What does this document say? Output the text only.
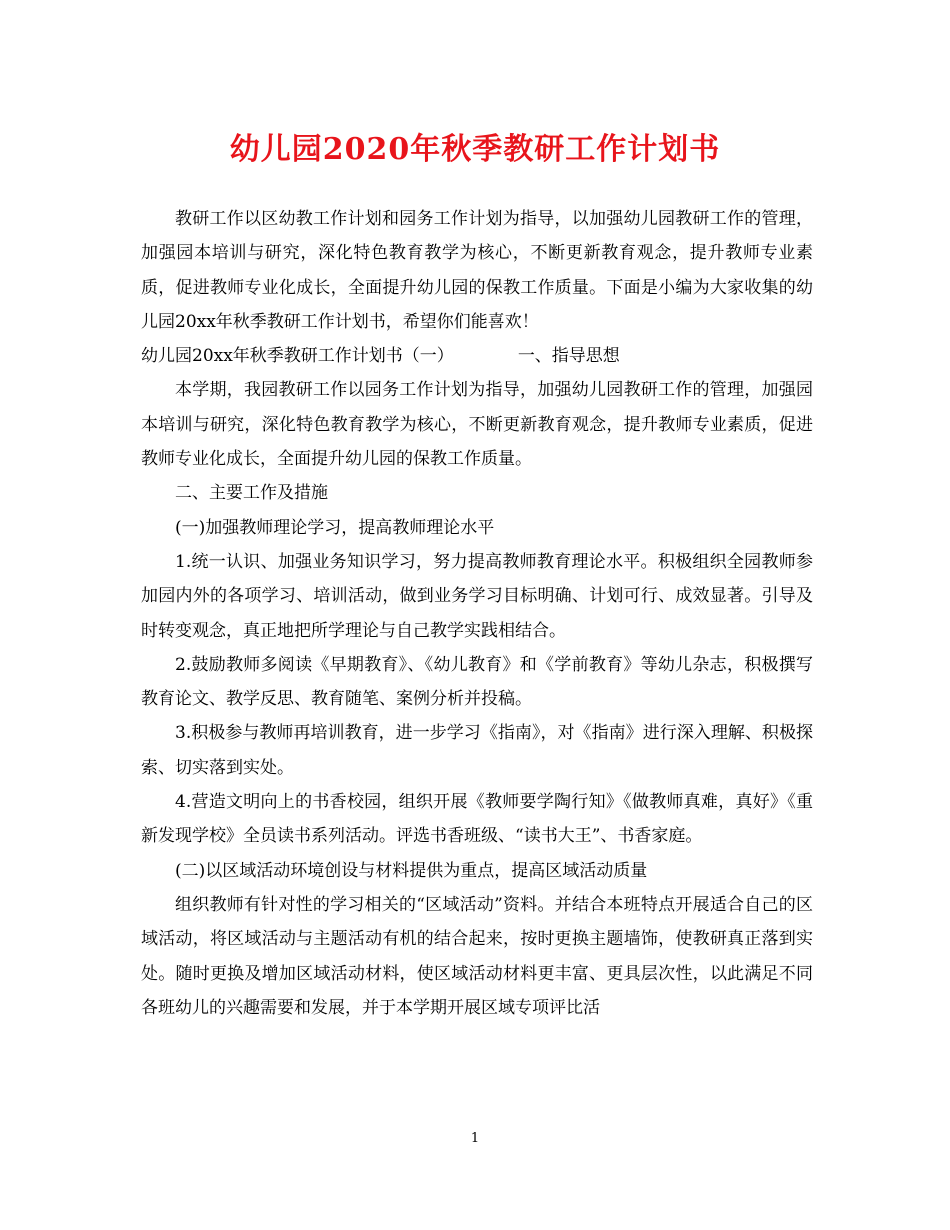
幼儿园2020年秋季教研工作计划书

教研工作以区幼教工作计划和园务工作计划为指导，以加强幼儿园教研工作的管理，加强园本培训与研究，深化特色教育教学为核心，不断更新教育观念，提升教师专业素质，促进教师专业化成长，全面提升幼儿园的保教工作质量。下面是小编为大家收集的幼儿园20xx年秋季教研工作计划书，希望你们能喜欢！

幼儿园20xx年秋季教研工作计划书（一）	一、指导思想

本学期，我园教研工作以园务工作计划为指导，加强幼儿园教研工作的管理，加强园本培训与研究，深化特色教育教学为核心，不断更新教育观念，提升教师专业素质，促进教师专业化成长，全面提升幼儿园的保教工作质量。

二、主要工作及措施

(一)加强教师理论学习，提高教师理论水平

1.统一认识、加强业务知识学习，努力提高教师教育理论水平。积极组织全园教师参加园内外的各项学习、培训活动，做到业务学习目标明确、计划可行、成效显著。引导及时转变观念，真正地把所学理论与自己教学实践相结合。

2.鼓励教师多阅读《早期教育》、《幼儿教育》和《学前教育》等幼儿杂志，积极撰写教育论文、教学反思、教育随笔、案例分析并投稿。

3.积极参与教师再培训教育，进一步学习《指南》，对《指南》进行深入理解、积极探索、切实落到实处。

4.营造文明向上的书香校园，组织开展《教师要学陶行知》《做教师真难，真好》《重新发现学校》全员读书系列活动。评选书香班级、“读书大王”、书香家庭。

(二)以区域活动环境创设与材料提供为重点，提高区域活动质量

组织教师有针对性的学习相关的“区域活动”资料。并结合本班特点开展适合自己的区域活动，将区域活动与主题活动有机的结合起来，按时更换主题墙饰，使教研真正落到实处。随时更换及增加区域活动材料，使区域活动材料更丰富、更具层次性，以此满足不同各班幼儿的兴趣需要和发展，并于本学期开展区域专项评比活

1
